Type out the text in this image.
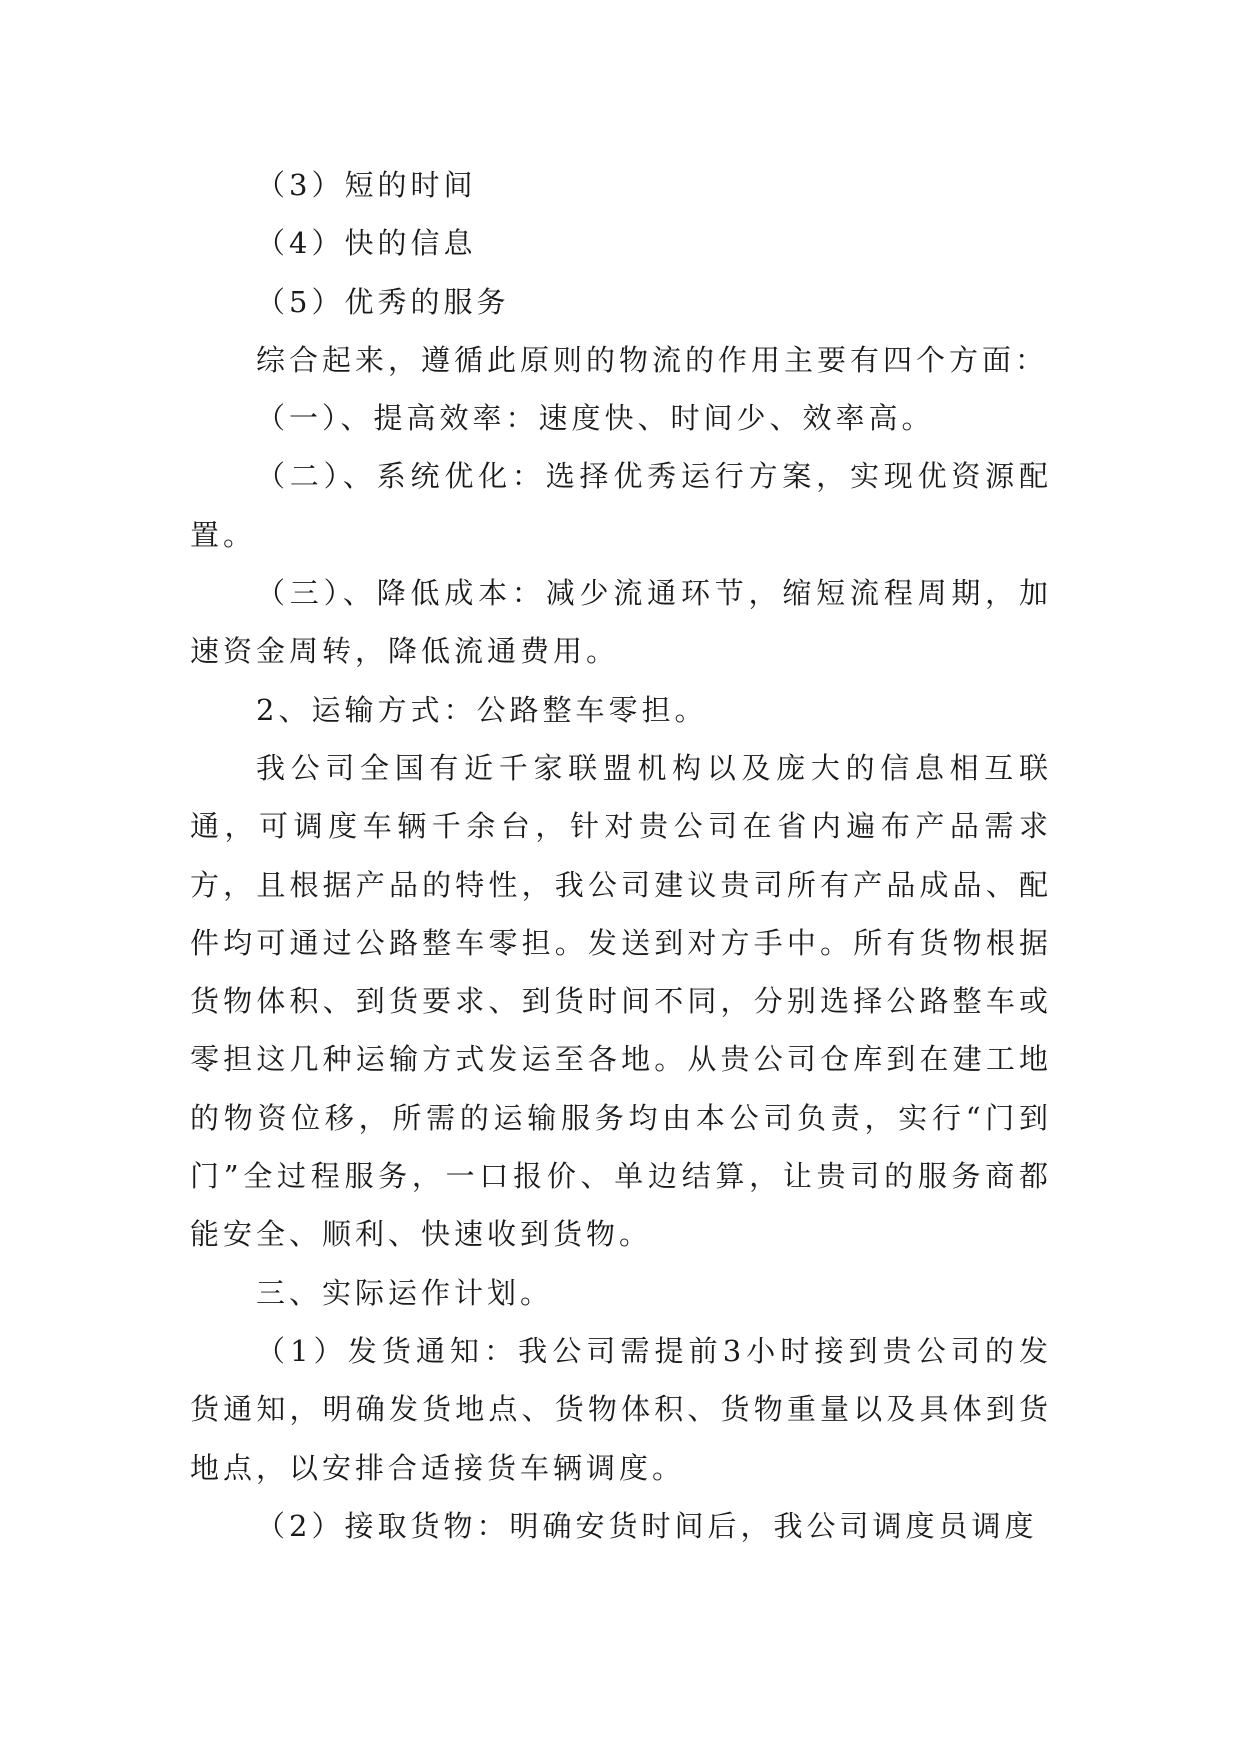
（3）短的时间

（4）快的信息

（5）优秀的服务

综合起来，遵循此原则的物流的作用主要有四个方面：

（一）、提高效率：速度快、时间少、效率高。

（二）、系统优化：选择优秀运行方案，实现优资源配置。

（三）、降低成本：减少流通环节，缩短流程周期，加速资金周转，降低流通费用。

2、运输方式：公路整车零担。

我公司全国有近千家联盟机构以及庞大的信息相互联通，可调度车辆千余台，针对贵公司在省内遍布产品需求方，且根据产品的特性，我公司建议贵司所有产品成品、配件均可通过公路整车零担。发送到对方手中。所有货物根据货物体积、到货要求、到货时间不同，分别选择公路整车或零担这几种运输方式发运至各地。从贵公司仓库到在建工地的物资位移，所需的运输服务均由本公司负责，实行“门到门”全过程服务，一口报价、单边结算，让贵司的服务商都能安全、顺利、快速收到货物。

三、实际运作计划。

（1）发货通知：我公司需提前3小时接到贵公司的发货通知，明确发货地点、货物体积、货物重量以及具体到货地点，以安排合适接货车辆调度。

（2）接取货物：明确安货时间后，我公司调度员调度
